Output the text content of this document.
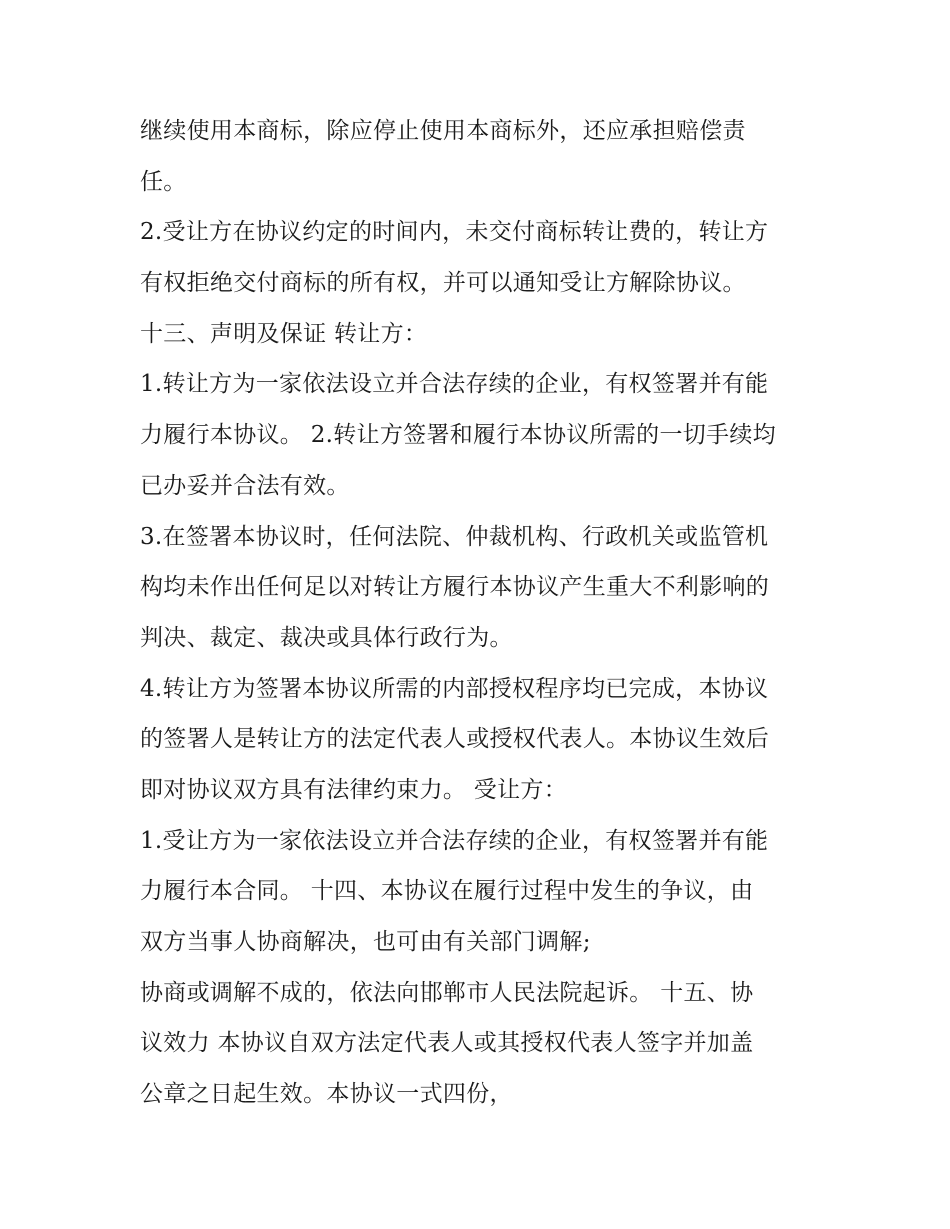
继续使用本商标，除应停止使用本商标外，还应承担赔偿责
任。
2.受让方在协议约定的时间内，未交付商标转让费的，转让方
有权拒绝交付商标的所有权，并可以通知受让方解除协议。
十三、声明及保证 转让方：
1.转让方为一家依法设立并合法存续的企业，有权签署并有能
力履行本协议。 2.转让方签署和履行本协议所需的一切手续均
已办妥并合法有效。
3.在签署本协议时，任何法院、仲裁机构、行政机关或监管机
构均未作出任何足以对转让方履行本协议产生重大不利影响的
判决、裁定、裁决或具体行政行为。
4.转让方为签署本协议所需的内部授权程序均已完成，本协议
的签署人是转让方的法定代表人或授权代表人。本协议生效后
即对协议双方具有法律约束力。 受让方：
1.受让方为一家依法设立并合法存续的企业，有权签署并有能
力履行本合同。 十四、本协议在履行过程中发生的争议，由
双方当事人协商解决，也可由有关部门调解;
协商或调解不成的，依法向邯郸市人民法院起诉。 十五、协
议效力 本协议自双方法定代表人或其授权代表人签字并加盖
公章之日起生效。本协议一式四份，
